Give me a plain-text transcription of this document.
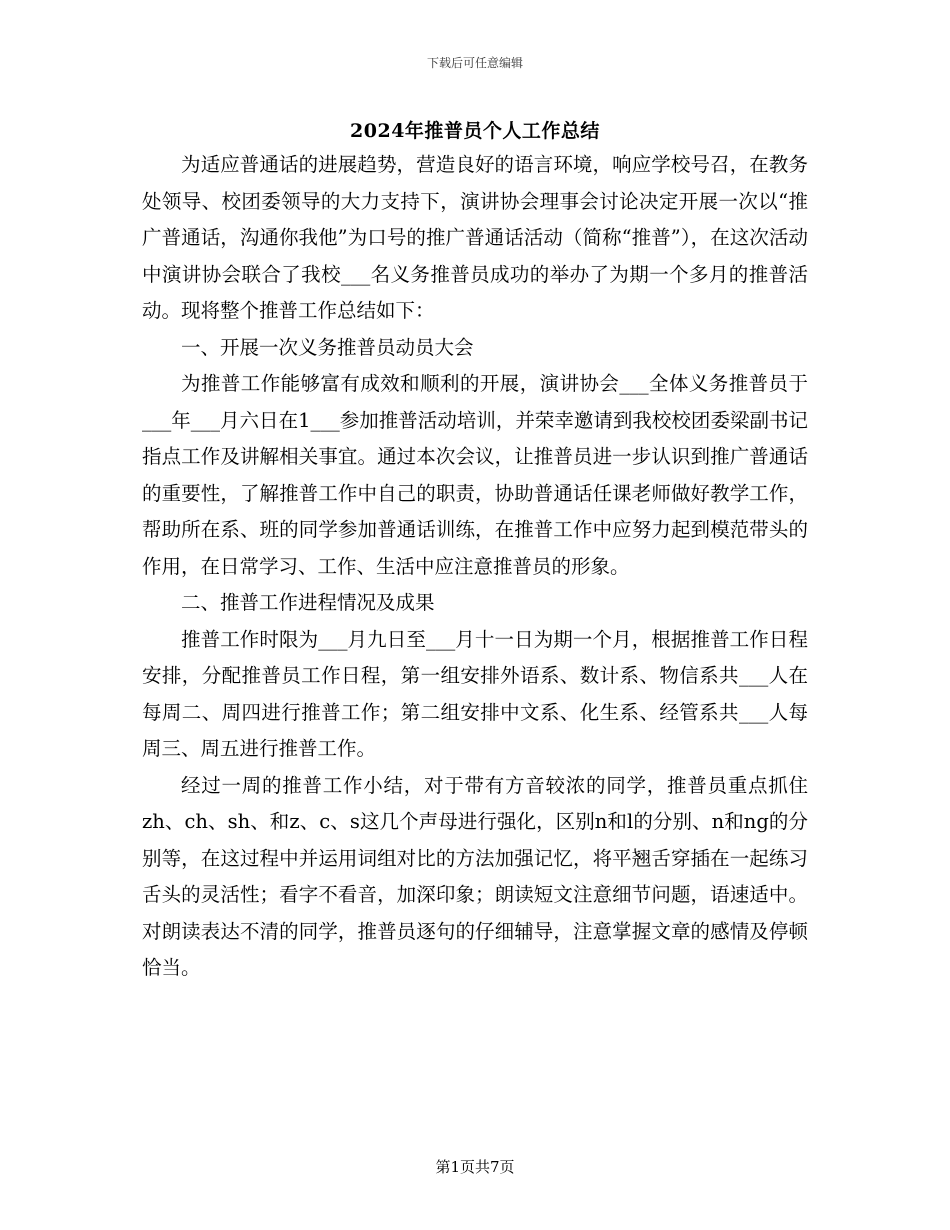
下载后可任意编辑
2024年推普员个人工作总结

为适应普通话的进展趋势，营造良好的语言环境，响应学校号召，在教务处领导、校团委领导的大力支持下，演讲协会理事会讨论决定开展一次以“推广普通话，沟通你我他”为口号的推广普通话活动（简称“推普”），在这次活动中演讲协会联合了我校___名义务推普员成功的举办了为期一个多月的推普活动。现将整个推普工作总结如下：

一、开展一次义务推普员动员大会

为推普工作能够富有成效和顺利的开展，演讲协会___全体义务推普员于___年___月六日在1___参加推普活动培训，并荣幸邀请到我校校团委梁副书记指点工作及讲解相关事宜。通过本次会议，让推普员进一步认识到推广普通话的重要性，了解推普工作中自己的职责，协助普通话任课老师做好教学工作，帮助所在系、班的同学参加普通话训练，在推普工作中应努力起到模范带头的作用，在日常学习、工作、生活中应注意推普员的形象。

二、推普工作进程情况及成果

推普工作时限为___月九日至___月十一日为期一个月，根据推普工作日程安排，分配推普员工作日程，第一组安排外语系、数计系、物信系共___人在每周二、周四进行推普工作；第二组安排中文系、化生系、经管系共___人每周三、周五进行推普工作。

经过一周的推普工作小结，对于带有方音较浓的同学，推普员重点抓住zh、ch、sh、和z、c、s这几个声母进行强化，区别n和l的分别、n和ng的分别等，在这过程中并运用词组对比的方法加强记忆，将平翘舌穿插在一起练习舌头的灵活性；看字不看音，加深印象；朗读短文注意细节问题，语速适中。对朗读表达不清的同学，推普员逐句的仔细辅导，注意掌握文章的感情及停顿恰当。

第1页共7页
